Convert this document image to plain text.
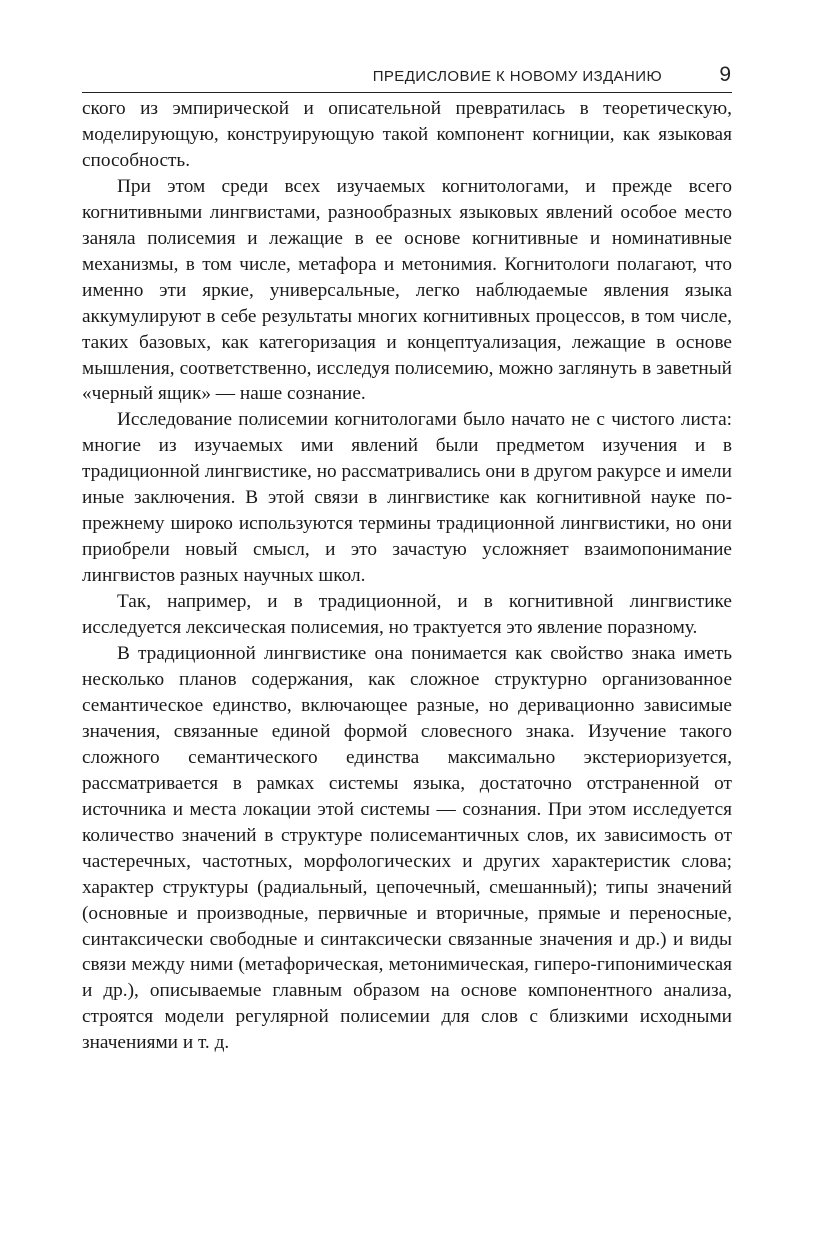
ПРЕДИСЛОВИЕ К НОВОМУ ИЗДАНИЮ	9

ского из эмпирической и описательной превратилась в теоретическую, моделирующую, конструирующую такой компонент когниции, как языковая способность.

При этом среди всех изучаемых когнитологами, и прежде всего когнитивными лингвистами, разнообразных языковых явлений особое место заняла полисемия и лежащие в ее основе когнитивные и номинативные механизмы, в том числе, метафора и метонимия. Когнитологи полагают, что именно эти яркие, универсальные, легко наблюдаемые явления языка аккумулируют в себе результаты многих когнитивных процессов, в том числе, таких базовых, как категоризация и концептуализация, лежащие в основе мышления, соответственно, исследуя полисемию, можно заглянуть в заветный «черный ящик» — наше сознание.

Исследование полисемии когнитологами было начато не с чистого листа: многие из изучаемых ими явлений были предметом изучения и в традиционной лингвистике, но рассматривались они в другом ракурсе и имели иные заключения. В этой связи в лингвистике как когнитивной науке по-прежнему широко используются термины традиционной лингвистики, но они приобрели новый смысл, и это зачастую усложняет взаимопонимание лингвистов разных научных школ.

Так, например, и в традиционной, и в когнитивной лингвистике исследуется лексическая полисемия, но трактуется это явление поразному.

В традиционной лингвистике она понимается как свойство знака иметь несколько планов содержания, как сложное структурно организованное семантическое единство, включающее разные, но деривационно зависимые значения, связанные единой формой словесного знака. Изучение такого сложного семантического единства максимально экстериоризуется, рассматривается в рамках системы языка, достаточно отстраненной от источника и места локации этой системы — сознания. При этом исследуется количество значений в структуре полисемантичных слов, их зависимость от частеречных, частотных, морфологических и других характеристик слова; характер структуры (радиальный, цепочечный, смешанный); типы значений (основные и производные, первичные и вторичные, прямые и переносные, синтаксически свободные и синтаксически связанные значения и др.) и виды связи между ними (метафорическая, метонимическая, гиперо-гипонимическая и др.), описываемые главным образом на основе компонентного анализа, строятся модели регулярной полисемии для слов с близкими исходными значениями и т. д.
